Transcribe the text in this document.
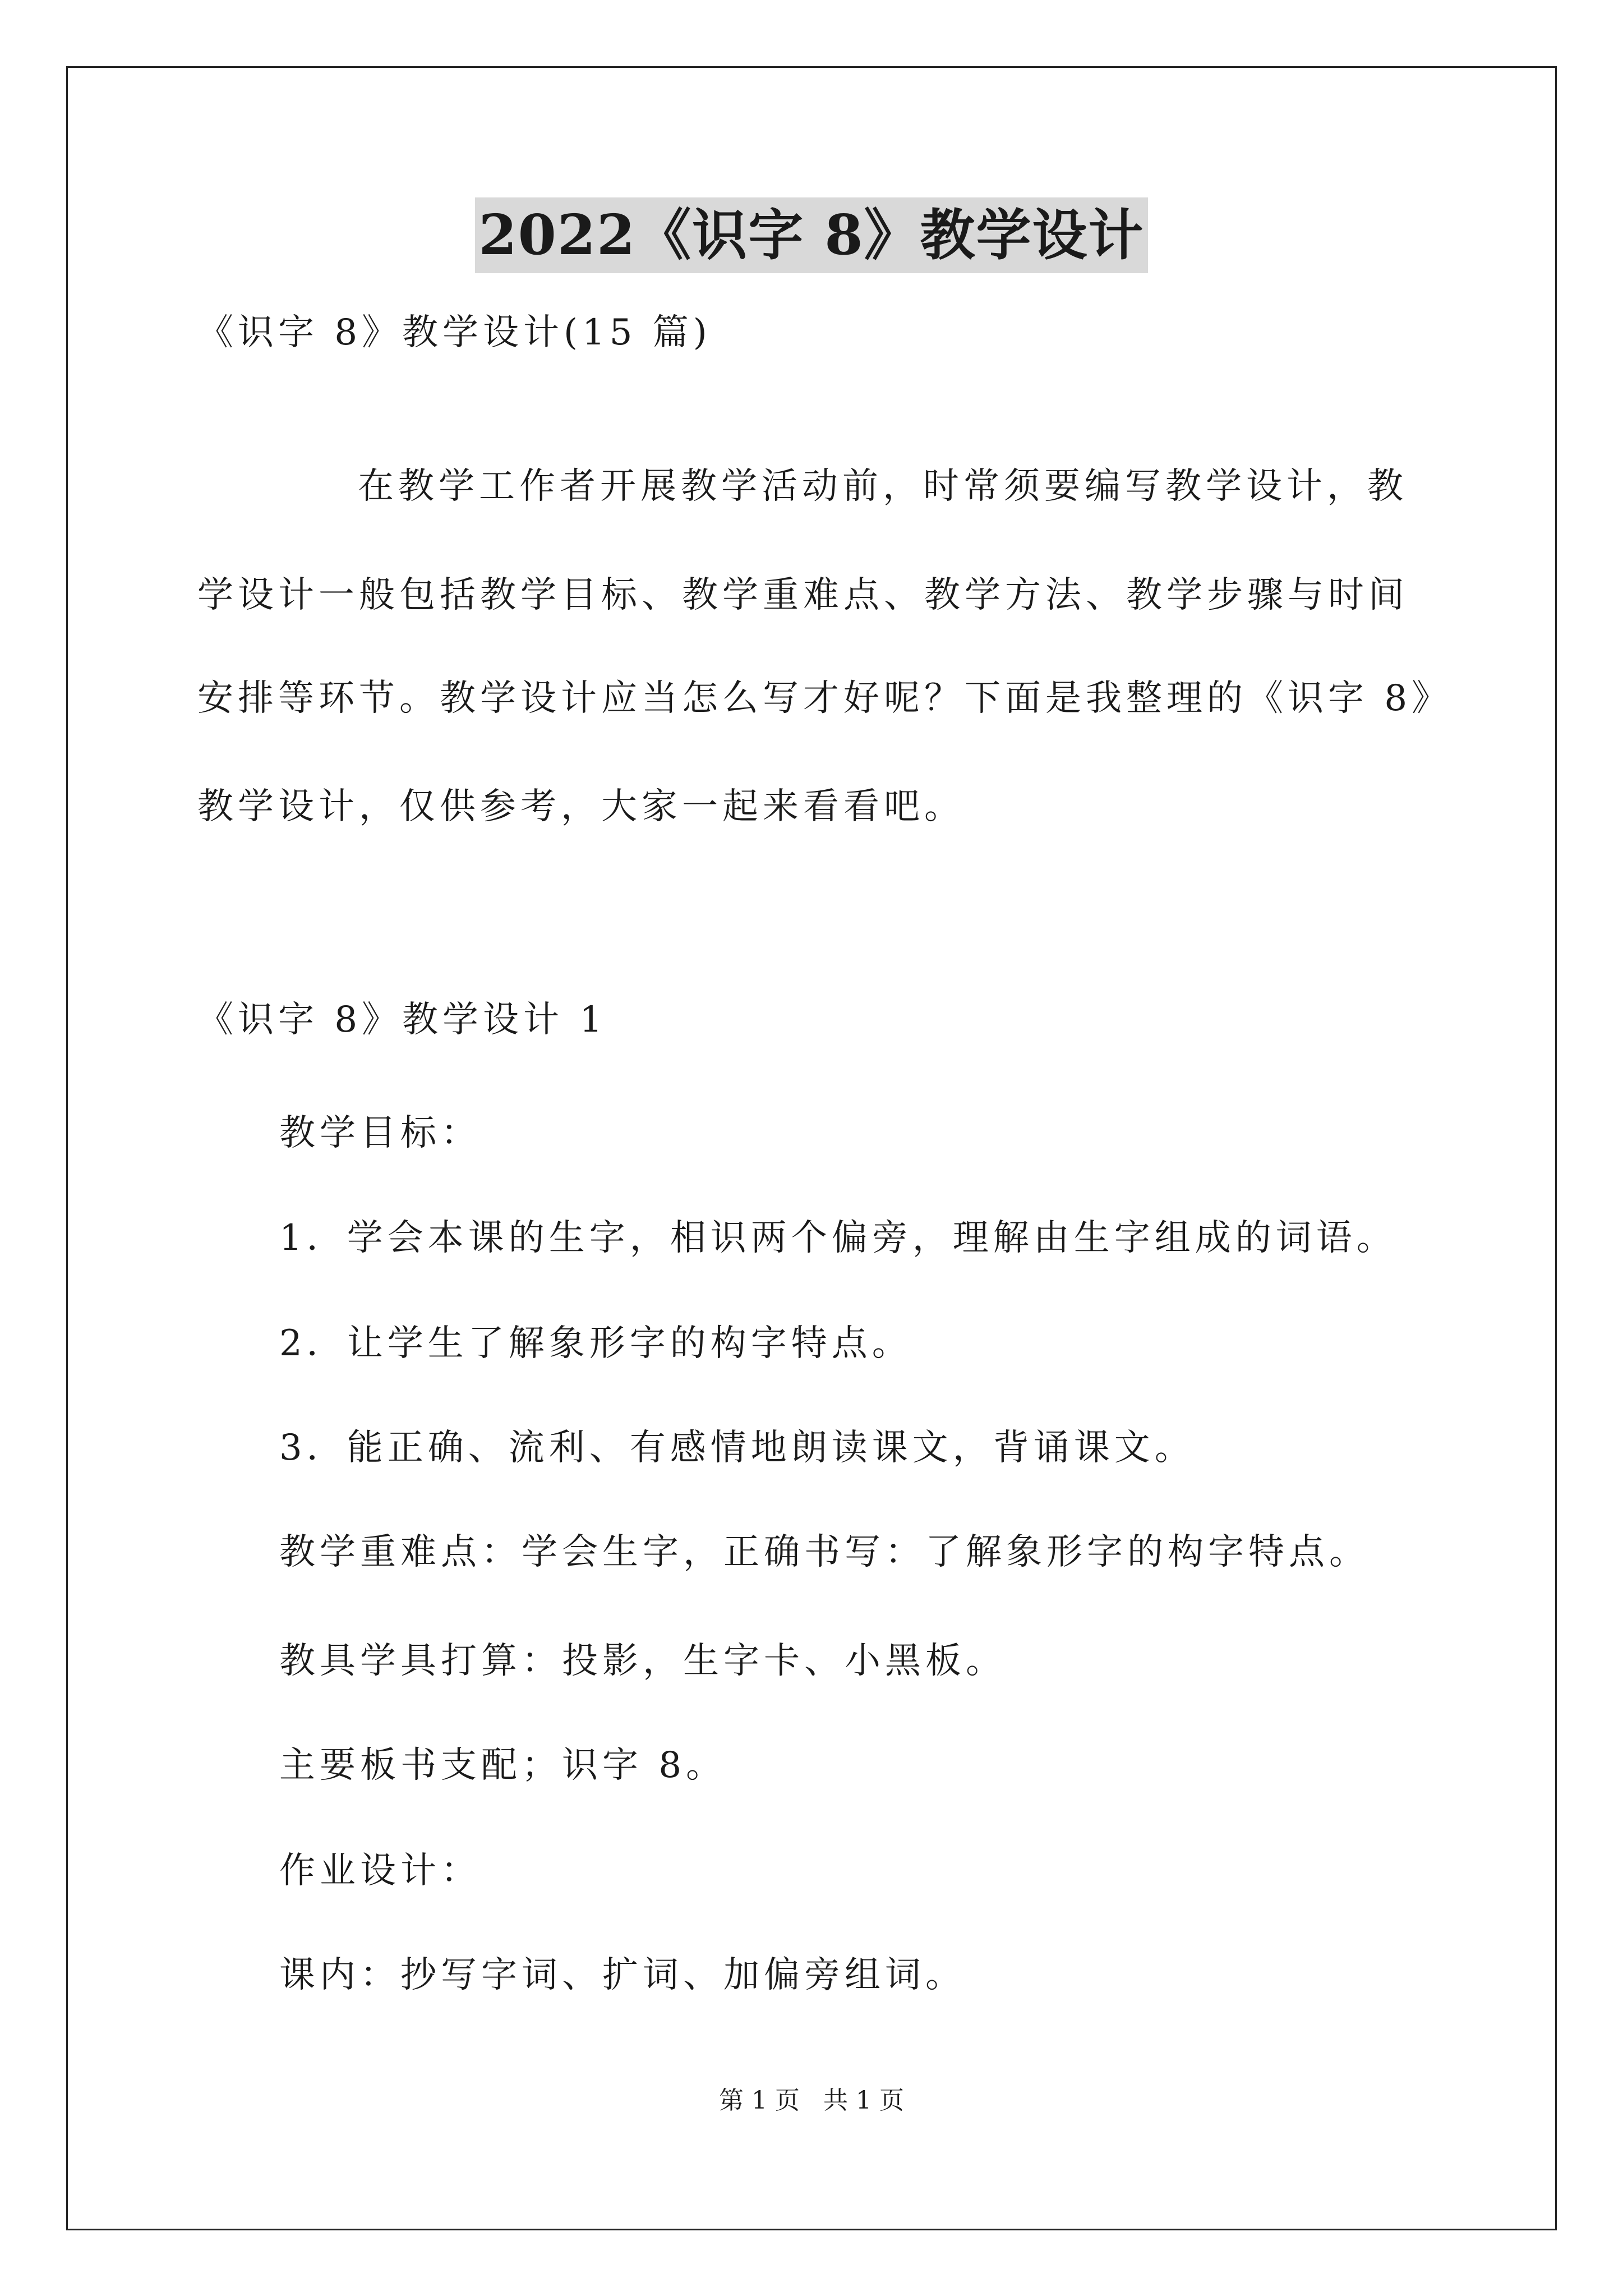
2022《识字 8》教学设计
《识字 8》教学设计(15 篇)
在教学工作者开展教学活动前，时常须要编写教学设计，教
学设计一般包括教学目标、教学重难点、教学方法、教学步骤与时间
安排等环节。教学设计应当怎么写才好呢？下面是我整理的《识字 8》
教学设计，仅供参考，大家一起来看看吧。
《识字 8》教学设计 1
教学目标：
1．学会本课的生字，相识两个偏旁，理解由生字组成的词语。
2．让学生了解象形字的构字特点。
3．能正确、流利、有感情地朗读课文，背诵课文。
教学重难点：学会生字，正确书写：了解象形字的构字特点。
教具学具打算：投影，生字卡、小黑板。
主要板书支配；识字 8。
作业设计：
课内：抄写字词、扩词、加偏旁组词。
第 1 页   共 1 页
